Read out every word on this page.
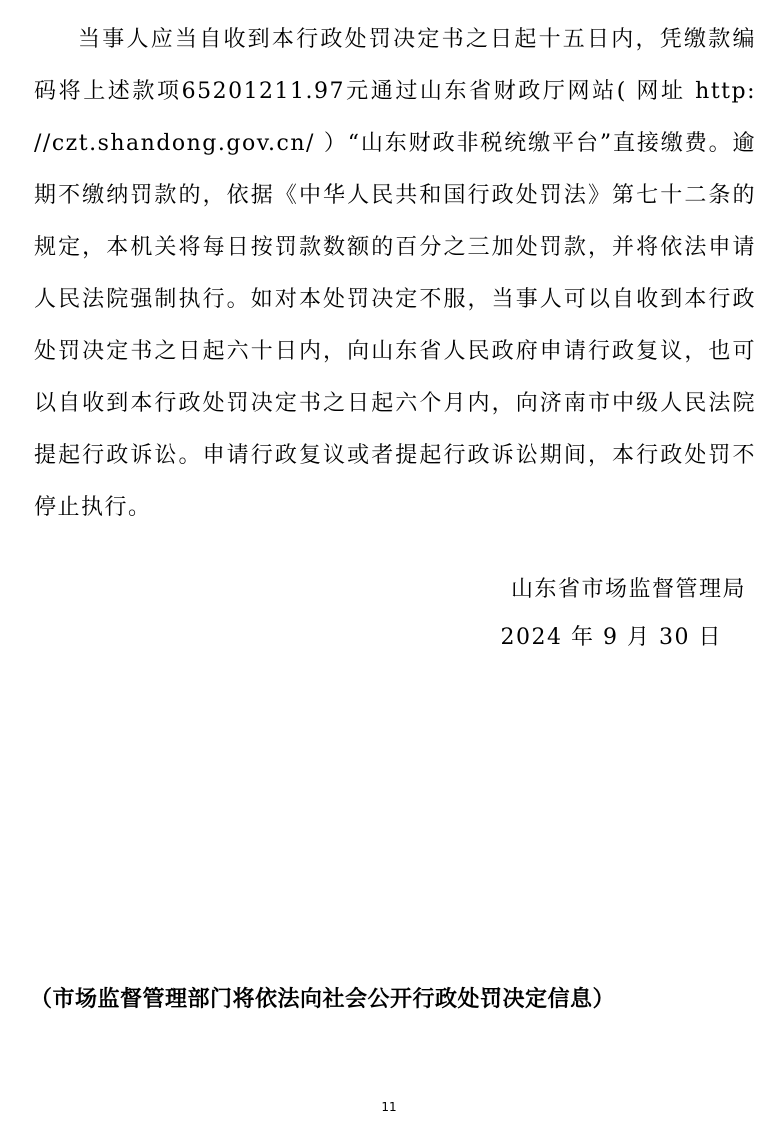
当事人应当自收到本行政处罚决定书之日起十五日内，凭缴款编码将上述款项65201211.97元通过山东省财政厅网站( 网址 http: //czt.shandong.gov.cn/ ）“山东财政非税统缴平台”直接缴费。逾期不缴纳罚款的，依据《中华人民共和国行政处罚法》第七十二条的规定，本机关将每日按罚款数额的百分之三加处罚款，并将依法申请人民法院强制执行。如对本处罚决定不服，当事人可以自收到本行政处罚决定书之日起六十日内，向山东省人民政府申请行政复议，也可以自收到本行政处罚决定书之日起六个月内，向济南市中级人民法院提起行政诉讼。申请行政复议或者提起行政诉讼期间，本行政处罚不停止执行。

山东省市场监督管理局
2024 年 9 月 30 日
（市场监督管理部门将依法向社会公开行政处罚决定信息）
11
